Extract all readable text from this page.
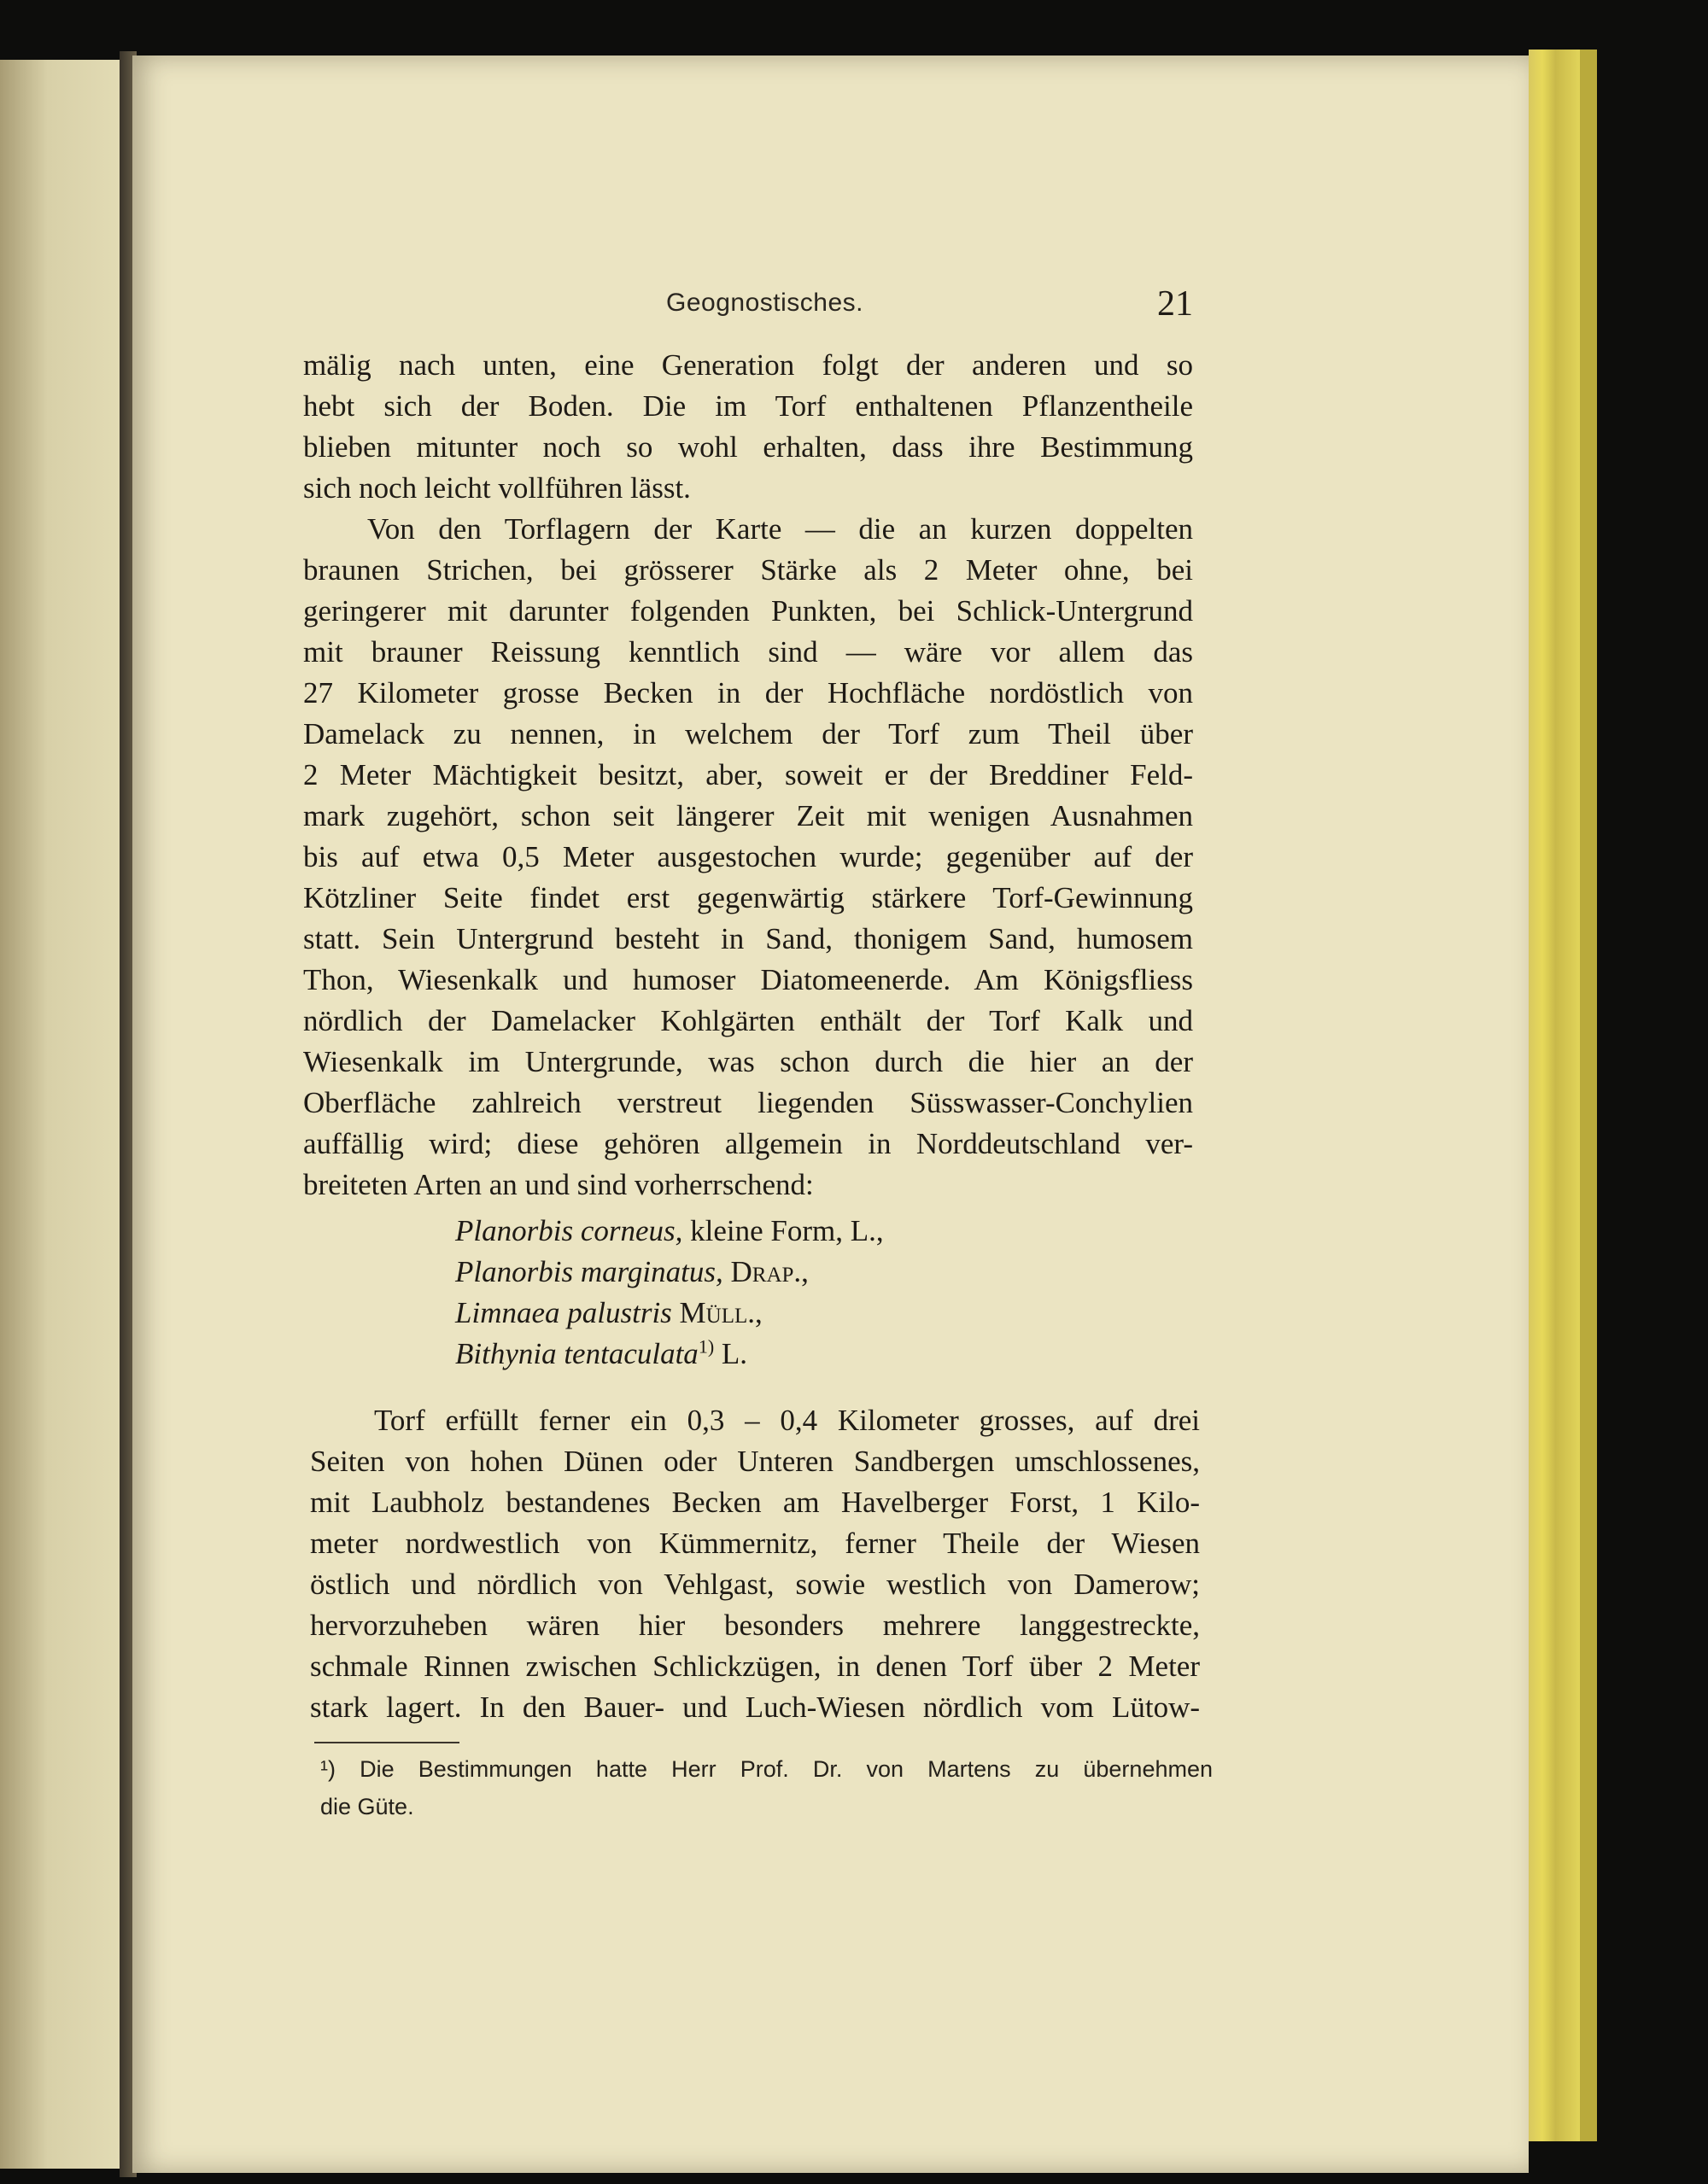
Geognostisches.	21
mälig nach unten, eine Generation folgt der anderen und so
hebt sich der Boden. Die im Torf enthaltenen Pflanzentheile
blieben mitunter noch so wohl erhalten, dass ihre Bestimmung
sich noch leicht vollführen lässt.
Von den Torflagern der Karte — die an kurzen doppelten
braunen Strichen, bei grösserer Stärke als 2 Meter ohne, bei
geringerer mit darunter folgenden Punkten, bei Schlick-Untergrund
mit brauner Reissung kenntlich sind — wäre vor allem das
27 Kilometer grosse Becken in der Hochfläche nordöstlich von
Damelack zu nennen, in welchem der Torf zum Theil über
2 Meter Mächtigkeit besitzt, aber, soweit er der Breddiner Feld-
mark zugehört, schon seit längerer Zeit mit wenigen Ausnahmen
bis auf etwa 0,5 Meter ausgestochen wurde; gegenüber auf der
Kötzliner Seite findet erst gegenwärtig stärkere Torf-Gewinnung
statt. Sein Untergrund besteht in Sand, thonigem Sand, humosem
Thon, Wiesenkalk und humoser Diatomeenerde. Am Königsfliess
nördlich der Damelacker Kohlgärten enthält der Torf Kalk und
Wiesenkalk im Untergrunde, was schon durch die hier an der
Oberfläche zahlreich verstreut liegenden Süsswasser-Conchylien
auffällig wird; diese gehören allgemein in Norddeutschland ver-
breiteten Arten an und sind vorherrschend:
Planorbis corneus, kleine Form, L.,
Planorbis marginatus, Drap.,
Limnaea palustris Müll.,
Bithynia tentaculata$^{1)}$ L.
Torf erfüllt ferner ein 0,3 – 0,4 Kilometer grosses, auf drei
Seiten von hohen Dünen oder Unteren Sandbergen umschlossenes,
mit Laubholz bestandenes Becken am Havelberger Forst, 1 Kilo-
meter nordwestlich von Kümmernitz, ferner Theile der Wiesen
östlich und nördlich von Vehlgast, sowie westlich von Damerow;
hervorzuheben wären hier besonders mehrere langgestreckte,
schmale Rinnen zwischen Schlickzügen, in denen Torf über 2 Meter
stark lagert. In den Bauer- und Luch-Wiesen nördlich vom Lütow-
¹) Die Bestimmungen hatte Herr Prof. Dr. von Martens zu übernehmen
die Güte.
